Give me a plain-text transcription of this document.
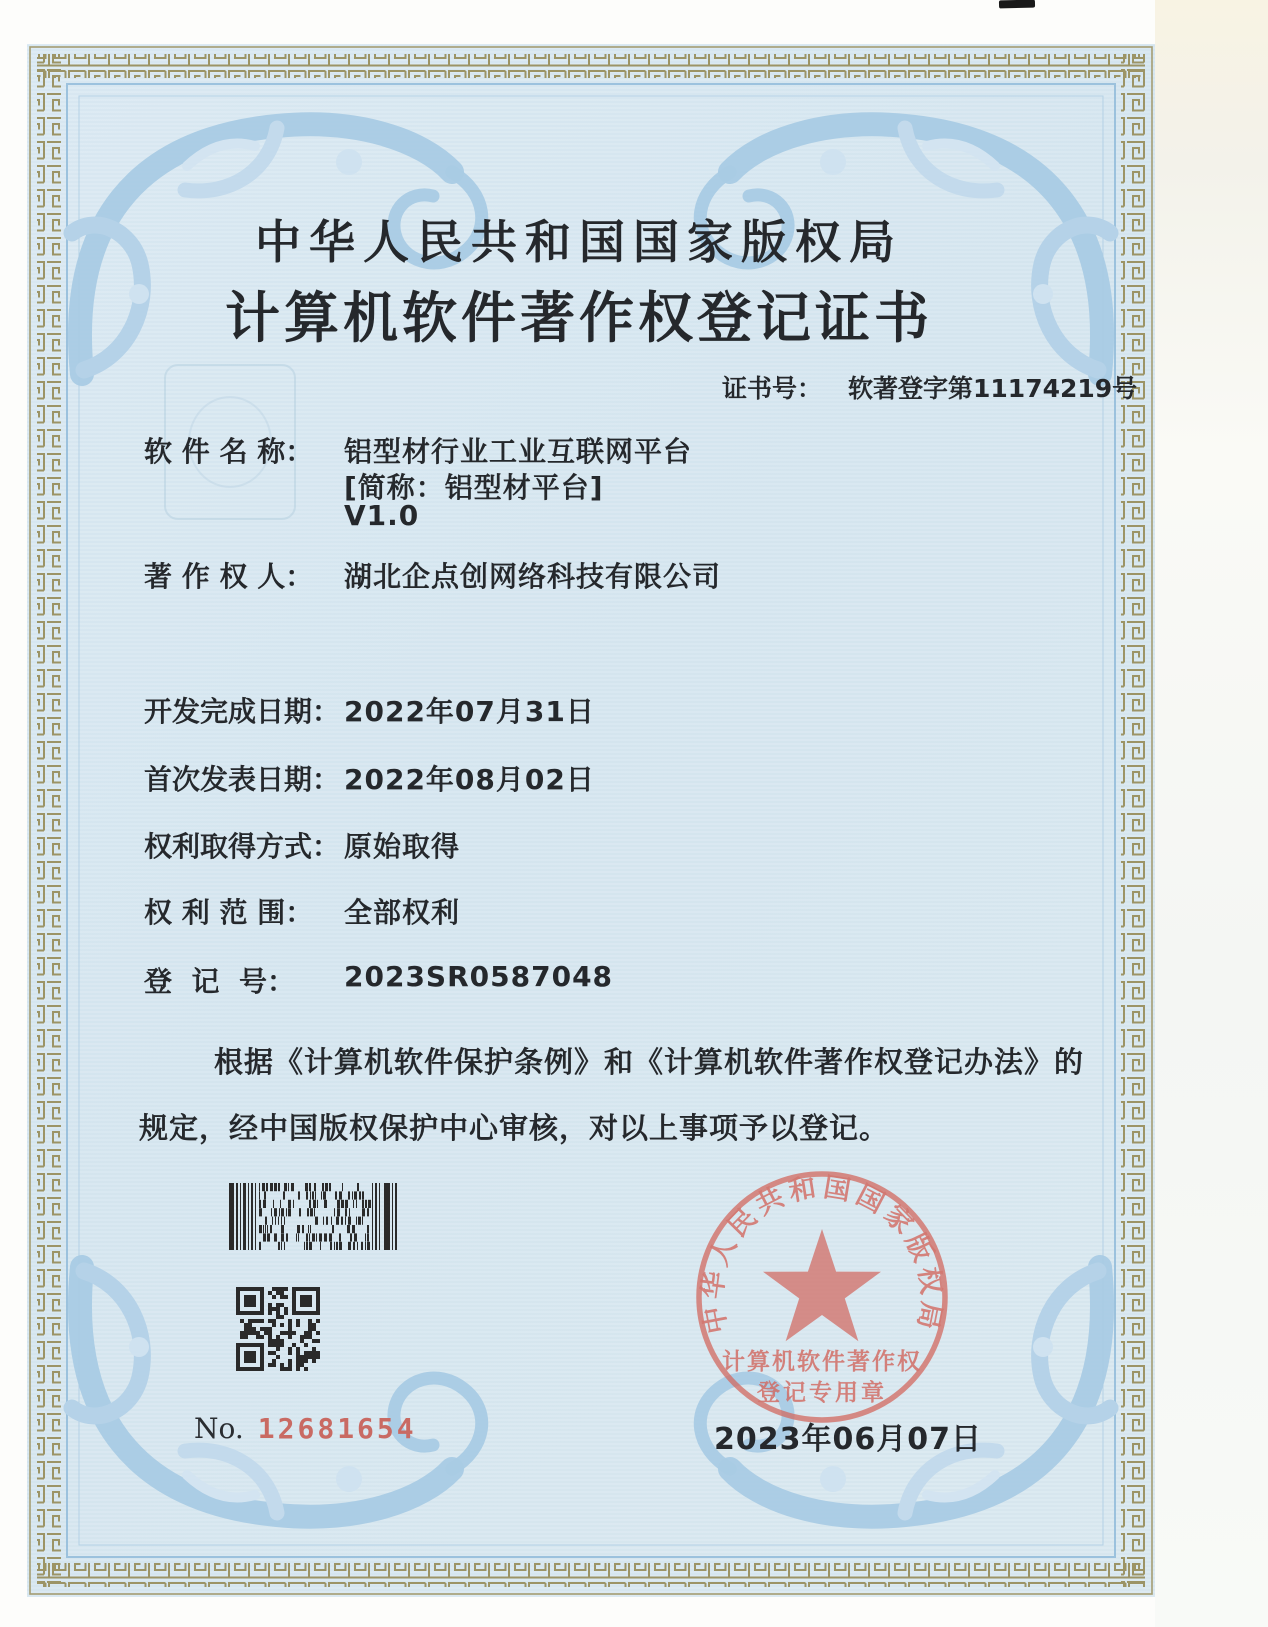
中华人民共和国国家版权局
计算机软件著作权登记证书
证书号： 软著登字第11174219号
软 件 名 称： 铝型材行业工业互联网平台
[简称：铝型材平台]
V1.0
著 作 权 人： 湖北企点创网络科技有限公司
开发完成日期： 2022年07月31日
首次发表日期： 2022年08月02日
权利取得方式： 原始取得
权 利 范 围： 全部权利
登  记  号： 2023SR0587048
根据《计算机软件保护条例》和《计算机软件著作权登记办法》的
规定，经中国版权保护中心审核，对以上事项予以登记。
中华人民共和国国家版权局
计算机软件著作权
登记专用章
No. 12681654	2023年06月07日
